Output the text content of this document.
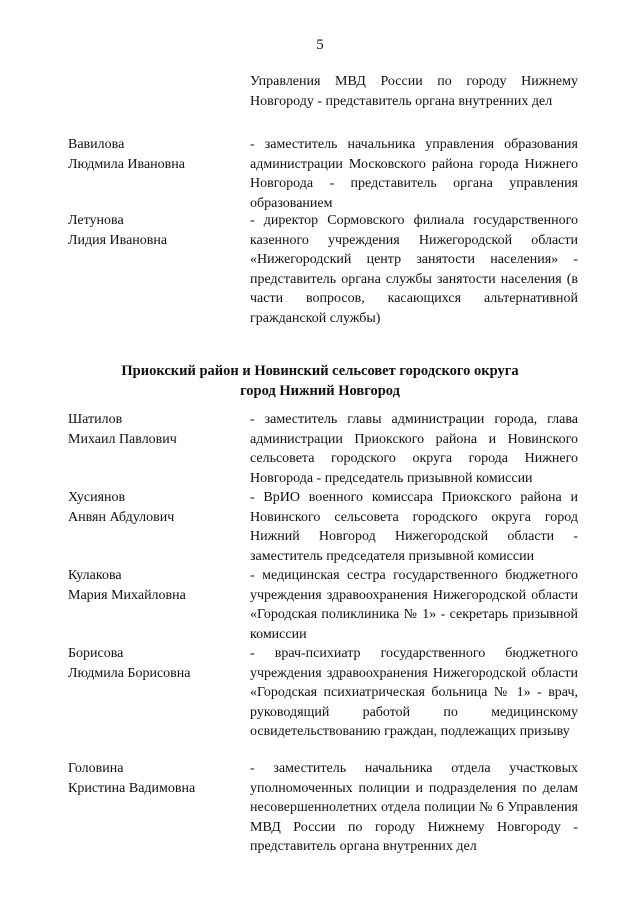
5
Управления МВД России по городу Нижнему Новгороду - представитель органа внутренних дел
Вавилова
Людмила Ивановна
- заместитель начальника управления образования администрации Московского района города Нижнего Новгорода - представитель органа управления образованием
Летунова
Лидия Ивановна
- директор Сормовского филиала государственного казенного учреждения Нижегородской области «Нижегородский центр занятости населения» - представитель органа службы занятости населения (в части вопросов, касающихся альтернативной гражданской службы)
Приокский район и Новинский сельсовет городского округа
город Нижний Новгород
Шатилов
Михаил Павлович
- заместитель главы администрации города, глава администрации Приокского района и Новинского сельсовета городского округа города Нижнего Новгорода - председатель призывной комиссии
Хусиянов
Анвян Абдулович
- ВрИО военного комиссара Приокского района и Новинского сельсовета городского округа город Нижний Новгород Нижегородской области - заместитель председателя призывной комиссии
Кулакова
Мария Михайловна
- медицинская сестра государственного бюджетного учреждения здравоохранения Нижегородской области «Городская поликлиника № 1» - секретарь призывной комиссии
Борисова
Людмила Борисовна
- врач-психиатр государственного бюджетного учреждения здравоохранения Нижегородской области «Городская психиатрическая больница № 1» - врач, руководящий работой по медицинскому освидетельствованию граждан, подлежащих призыву
Головина
Кристина Вадимовна
- заместитель начальника отдела участковых уполномоченных полиции и подразделения по делам несовершеннолетних отдела полиции № 6 Управления МВД России по городу Нижнему Новгороду - представитель органа внутренних дел
